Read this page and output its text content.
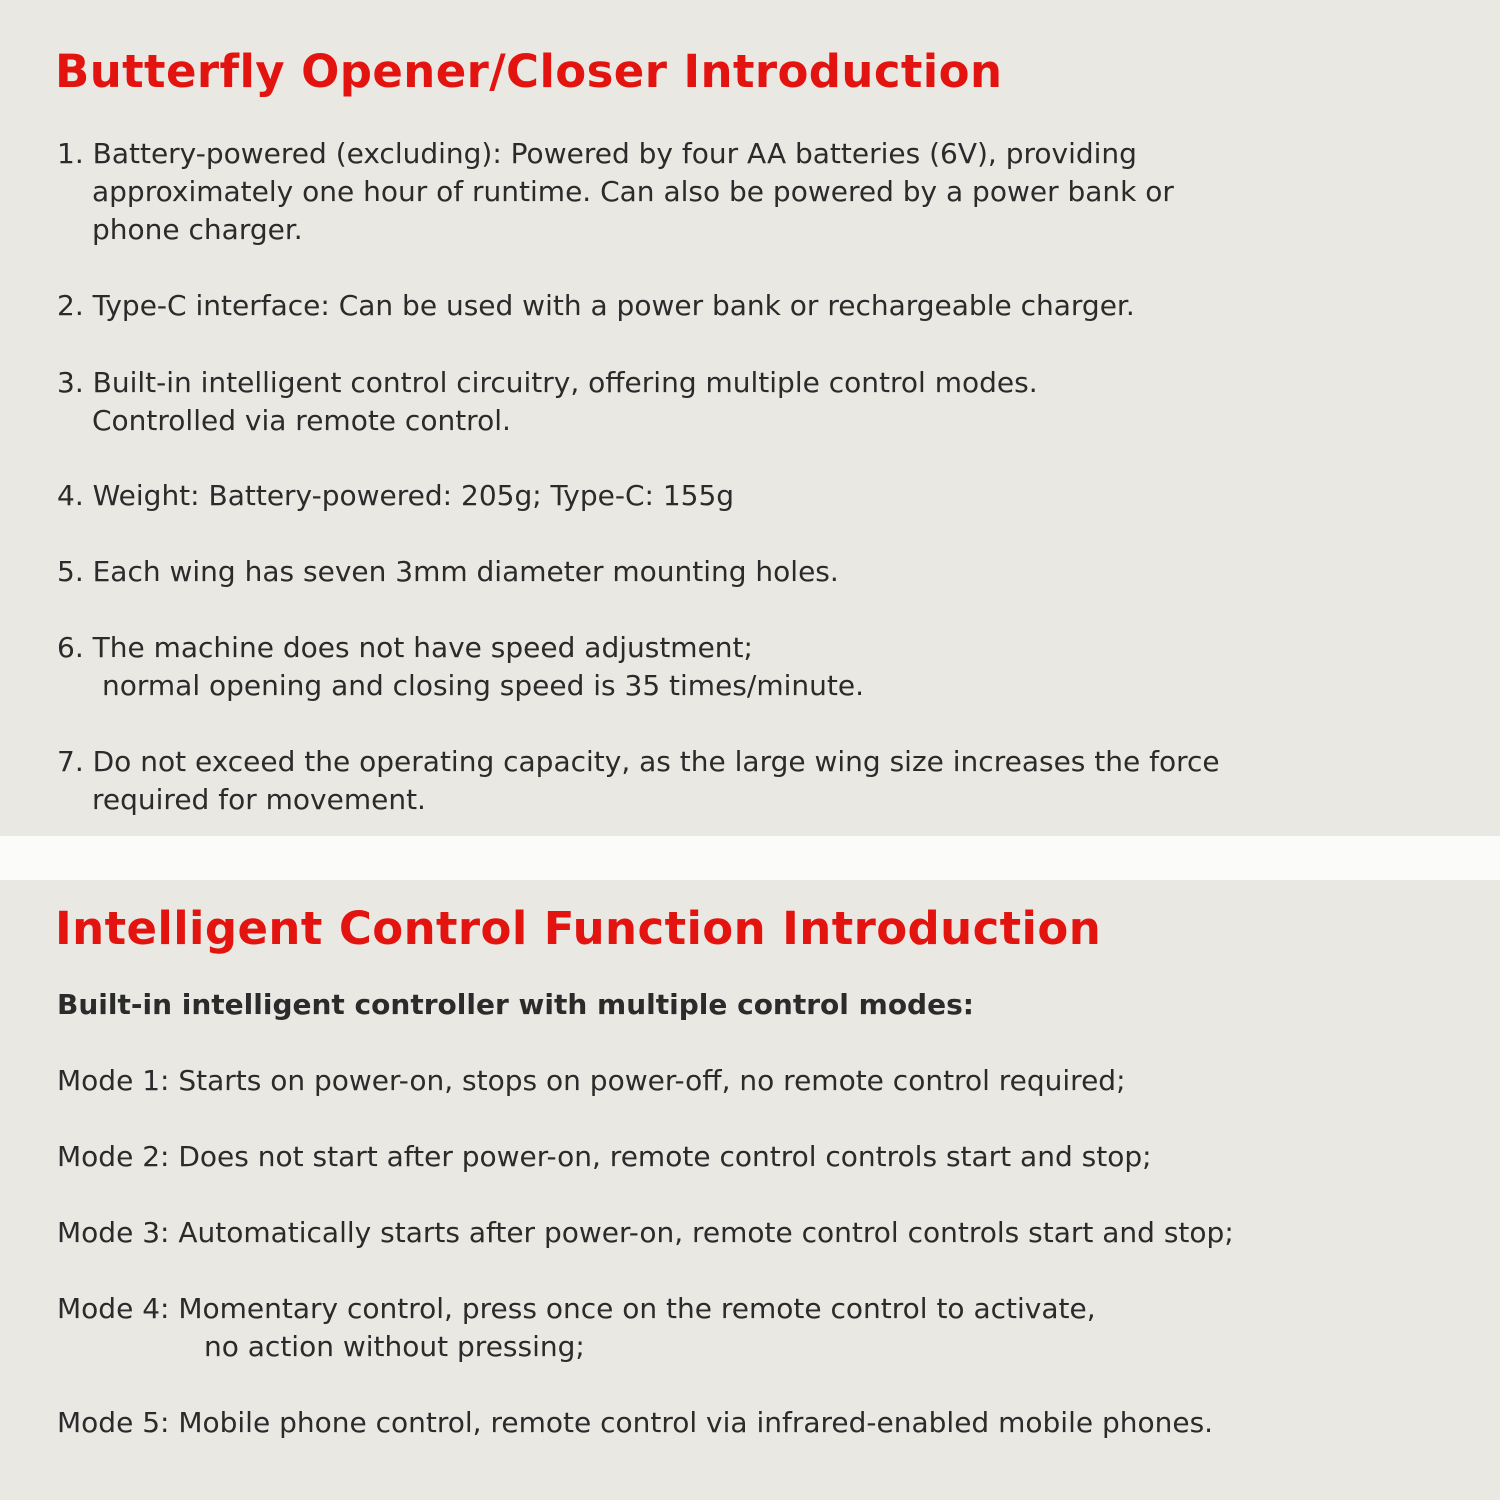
Butterfly Opener/Closer Introduction

1. Battery-powered (excluding): Powered by four AA batteries (6V), providing
approximately one hour of runtime. Can also be powered by a power bank or
phone charger.

2. Type-C interface: Can be used with a power bank or rechargeable charger.

3. Built-in intelligent control circuitry, offering multiple control modes.
Controlled via remote control.

4. Weight: Battery-powered: 205g; Type-C: 155g

5. Each wing has seven 3mm diameter mounting holes.

6. The machine does not have speed adjustment;
normal opening and closing speed is 35 times/minute.

7. Do not exceed the operating capacity, as the large wing size increases the force
required for movement.

Intelligent Control Function Introduction

Built-in intelligent controller with multiple control modes:

Mode 1: Starts on power-on, stops on power-off, no remote control required;

Mode 2: Does not start after power-on, remote control controls start and stop;

Mode 3: Automatically starts after power-on, remote control controls start and stop;

Mode 4: Momentary control, press once on the remote control to activate,
no action without pressing;

Mode 5: Mobile phone control, remote control via infrared-enabled mobile phones.
